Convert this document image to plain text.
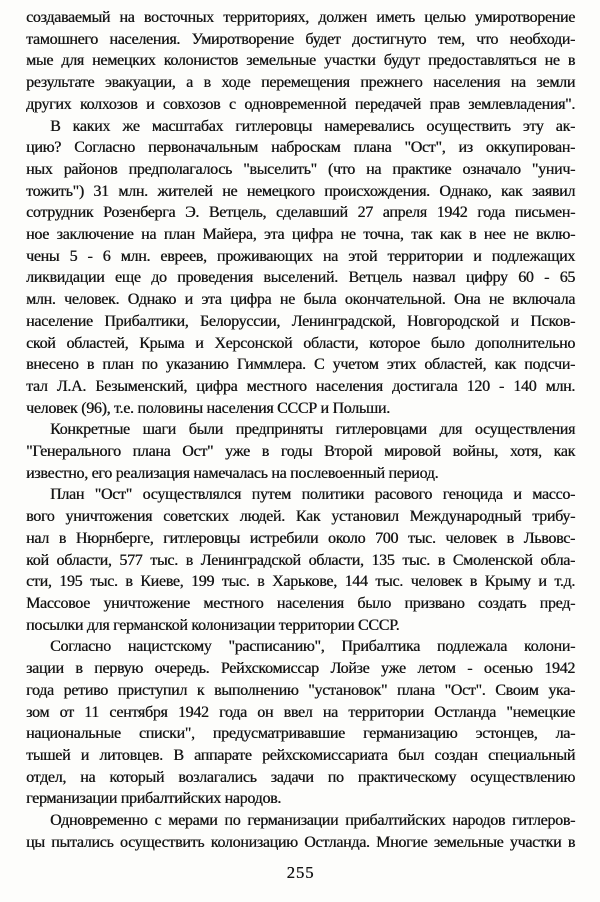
создаваемый на восточных территориях, должен иметь целью умиротворение
тамошнего населения. Умиротворение будет достигнуто тем, что необходи-
мые для немецких колонистов земельные участки будут предоставляться не в
результате эвакуации, а в ходе перемещения прежнего населения на земли
других колхозов и совхозов с одновременной передачей прав землевладения".
В каких же масштабах гитлеровцы намеревались осуществить эту ак-
цию? Согласно первоначальным наброскам плана "Ост", из оккупирован-
ных районов предполагалось "выселить" (что на практике означало "унич-
тожить") 31 млн. жителей не немецкого происхождения. Однако, как заявил
сотрудник Розенберга Э. Ветцель, сделавший 27 апреля 1942 года письмен-
ное заключение на план Майера, эта цифра не точна, так как в нее не вклю-
чены 5 - 6 млн. евреев, проживающих на этой территории и подлежащих
ликвидации еще до проведения выселений. Ветцель назвал цифру 60 - 65
млн. человек. Однако и эта цифра не была окончательной. Она не включала
население Прибалтики, Белоруссии, Ленинградской, Новгородской и Псков-
ской областей, Крыма и Херсонской области, которое было дополнительно
внесено в план по указанию Гиммлера. С учетом этих областей, как подсчи-
тал Л.А. Безыменский, цифра местного населения достигала 120 - 140 млн.
человек (96), т.е. половины населения СССР и Польши.
Конкретные шаги были предприняты гитлеровцами для осуществления
"Генерального плана Ост" уже в годы Второй мировой войны, хотя, как
известно, его реализация намечалась на послевоенный период.
План "Ост" осуществлялся путем политики расового геноцида и массо-
вого уничтожения советских людей. Как установил Международный трибу-
нал в Нюрнберге, гитлеровцы истребили около 700 тыс. человек в Львовс-
кой области, 577 тыс. в Ленинградской области, 135 тыс. в Смоленской обла-
сти, 195 тыс. в Киеве, 199 тыс. в Харькове, 144 тыс. человек в Крыму и т.д.
Массовое уничтожение местного населения было призвано создать пред-
посылки для германской колонизации территории СССР.
Согласно нацистскому "расписанию", Прибалтика подлежала колони-
зации в первую очередь. Рейхскомиссар Лойзе уже летом - осенью 1942
года ретиво приступил к выполнению "установок" плана "Ост". Своим ука-
зом от 11 сентября 1942 года он ввел на территории Остланда "немецкие
национальные списки", предусматривавшие германизацию эстонцев, ла-
тышей и литовцев. В аппарате рейхскомиссариата был создан специальный
отдел, на который возлагались задачи по практическому осуществлению
германизации прибалтийских народов.
Одновременно с мерами по германизации прибалтийских народов гитлеров-
цы пытались осуществить колонизацию Остланда. Многие земельные участки в
255
